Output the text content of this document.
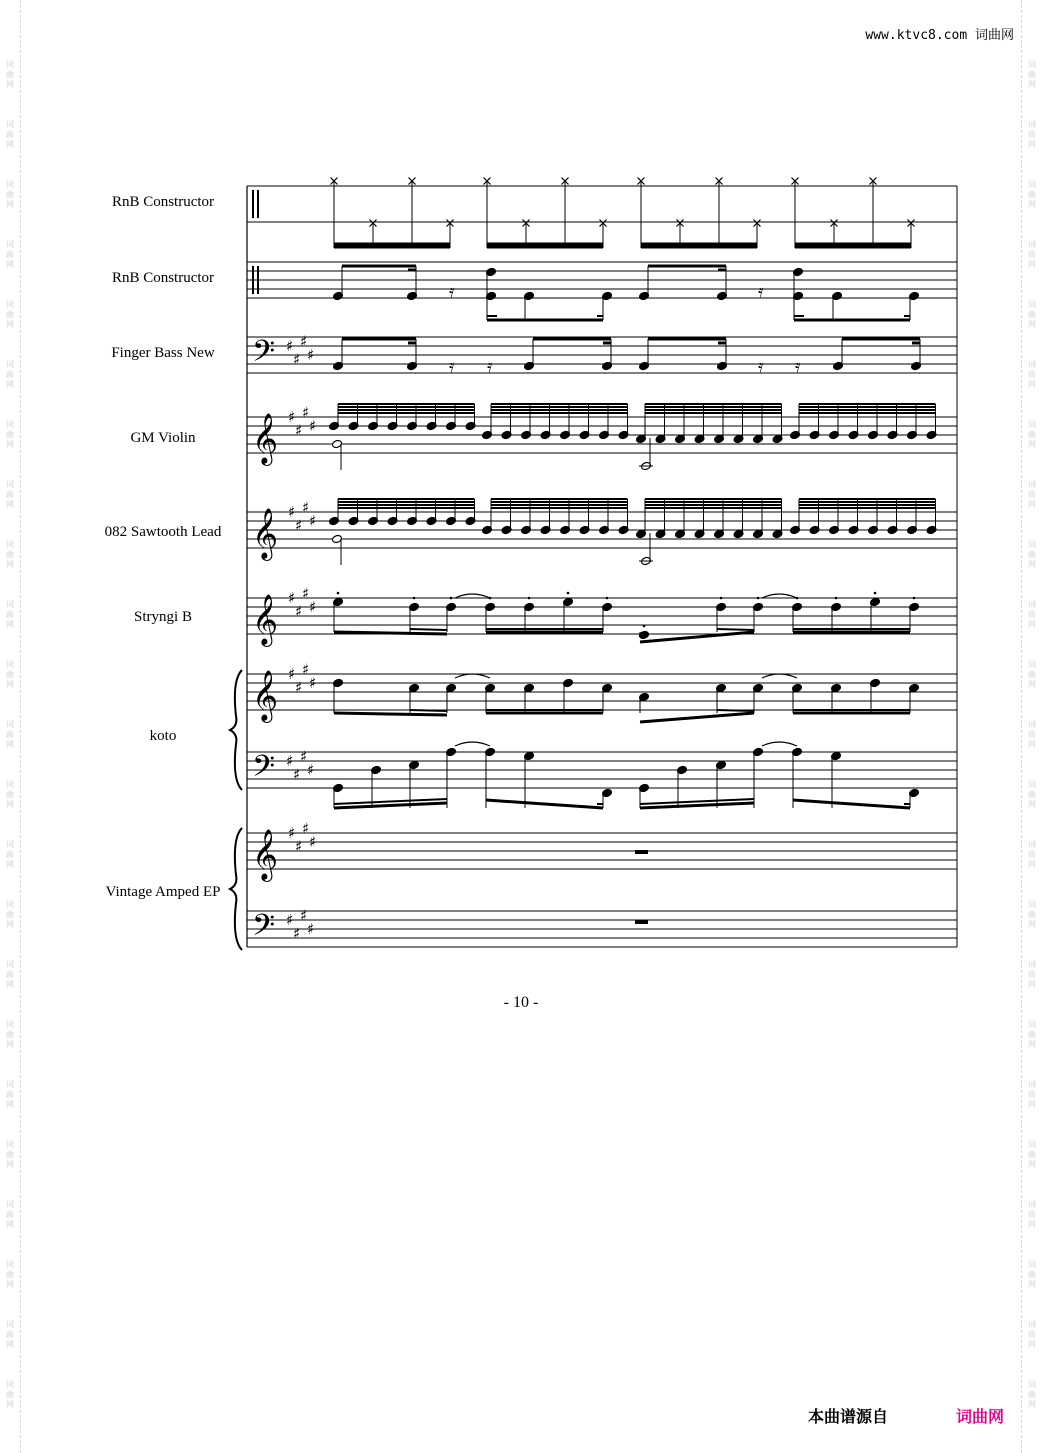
词
曲
网
词
曲
网
词
曲
网
词
曲
网
词
曲
网
词
曲
网
词
曲
网
词
曲
网
词
曲
网
词
曲
网
词
曲
网
词
曲
网
词
曲
网
词
曲
网
词
曲
网
词
曲
网
词
曲
网
词
曲
网
词
曲
网
词
曲
网
词
曲
网
词
曲
网
词
曲
网
词
曲
网
词
曲
网
词
曲
网
词
曲
网
词
曲
网
词
曲
网
词
曲
网
词
曲
网
词
曲
网
词
曲
网
词
曲
网
词
曲
网
词
曲
网
词
曲
网
词
曲
网
词
曲
网
词
曲
网
词
曲
网
词
曲
网
词
曲
网
词
曲
网
词
曲
网
词
曲
网
www.ktvc8.com 词曲网
RnB Constructor
RnB Constructor
Finger Bass New
GM Violin
082 Sawtooth Lead
Stryngi B
koto
Vintage Amped EP
𝄿	𝄿
𝄢 ♯
♯
♯
♯
𝄿 𝄿	𝄿 𝄿
𝄞 ♯
♯
♯
♯
𝄞 ♯
♯
♯
♯
𝄞 ♯
♯
♯
♯
𝄞 ♯
♯
♯
♯
𝄢 ♯
♯
♯
♯
𝄞 ♯
♯
♯
♯
𝄢 ♯
♯
♯
♯
- 10 -
本曲谱源自	词曲网
